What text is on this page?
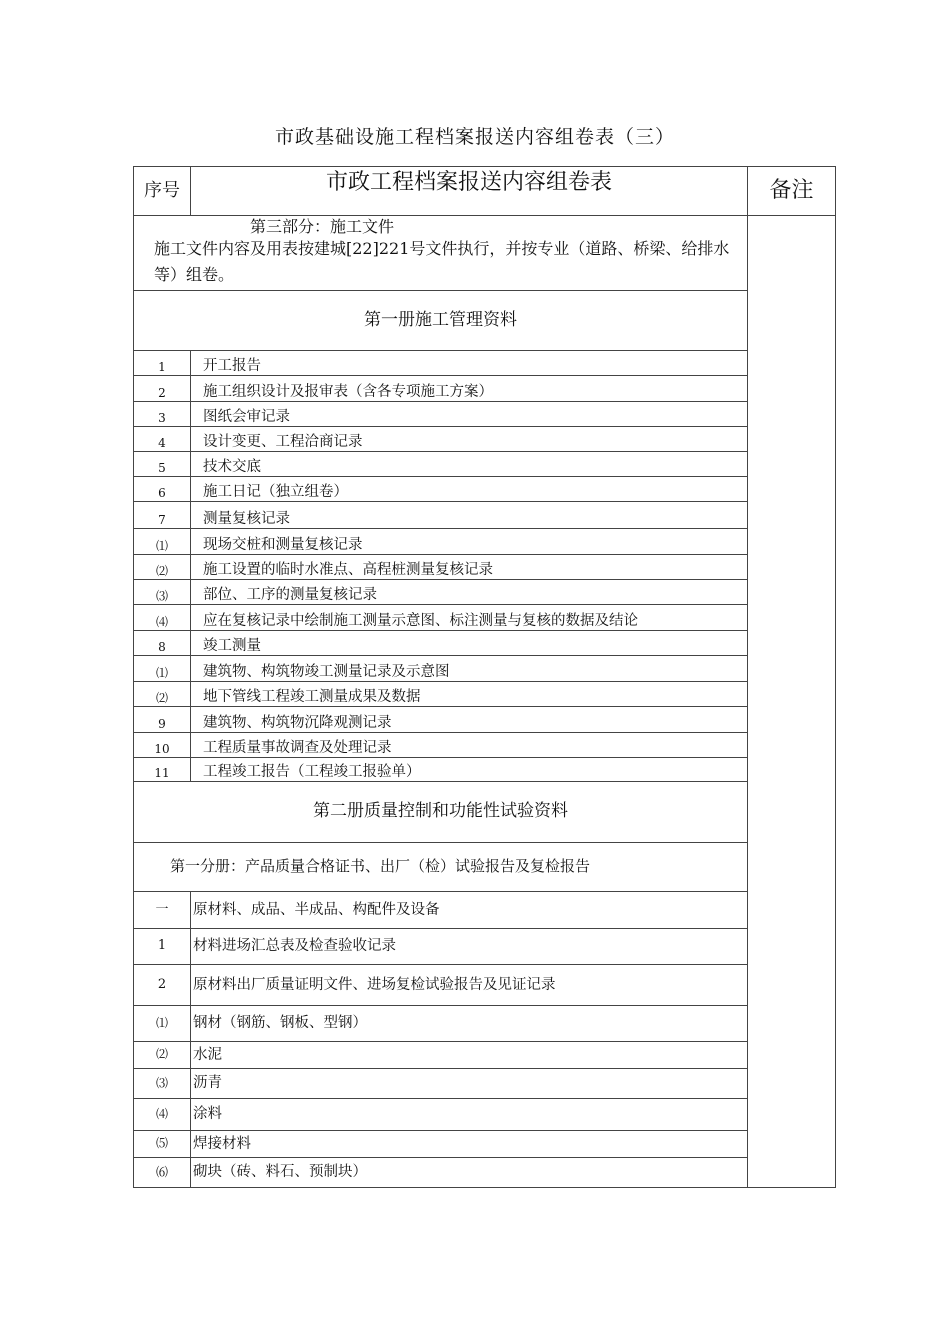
市政基础设施工程档案报送内容组卷表（三）
序号	市政工程档案报送内容组卷表	备注

第三部分：施工文件
施工文件内容及用表按建城[22]221号文件执行，并按专业（道路、桥梁、给排水等）组卷。		

第一册施工管理资料		
1	开工报告	
2	施工组织设计及报审表（含各专项施工方案）	
3	图纸会审记录	
4	设计变更、工程洽商记录	
5	技术交底	
6	施工日记（独立组卷）	
7	测量复核记录	
⑴	现场交桩和测量复核记录	
⑵	施工设置的临时水准点、高程桩测量复核记录	
⑶	部位、工序的测量复核记录	
⑷	应在复核记录中绘制施工测量示意图、标注测量与复核的数据及结论	
8	竣工测量	
⑴	建筑物、构筑物竣工测量记录及示意图	
⑵	地下管线工程竣工测量成果及数据	
9	建筑物、构筑物沉降观测记录	
10	工程质量事故调查及处理记录	
11	工程竣工报告（工程竣工报验单）	
第二册质量控制和功能性试验资料		
第一分册：产品质量合格证书、出厂（检）试验报告及复检报告		
一	原材料、成品、半成品、构配件及设备	
1	材料进场汇总表及检查验收记录	
2	原材料出厂质量证明文件、进场复检试验报告及见证记录	
⑴	钢材（钢筋、钢板、型钢）	
⑵	水泥	
⑶	沥青	
⑷	涂料	
⑸	焊接材料	
⑹	砌块（砖、料石、预制块）	
